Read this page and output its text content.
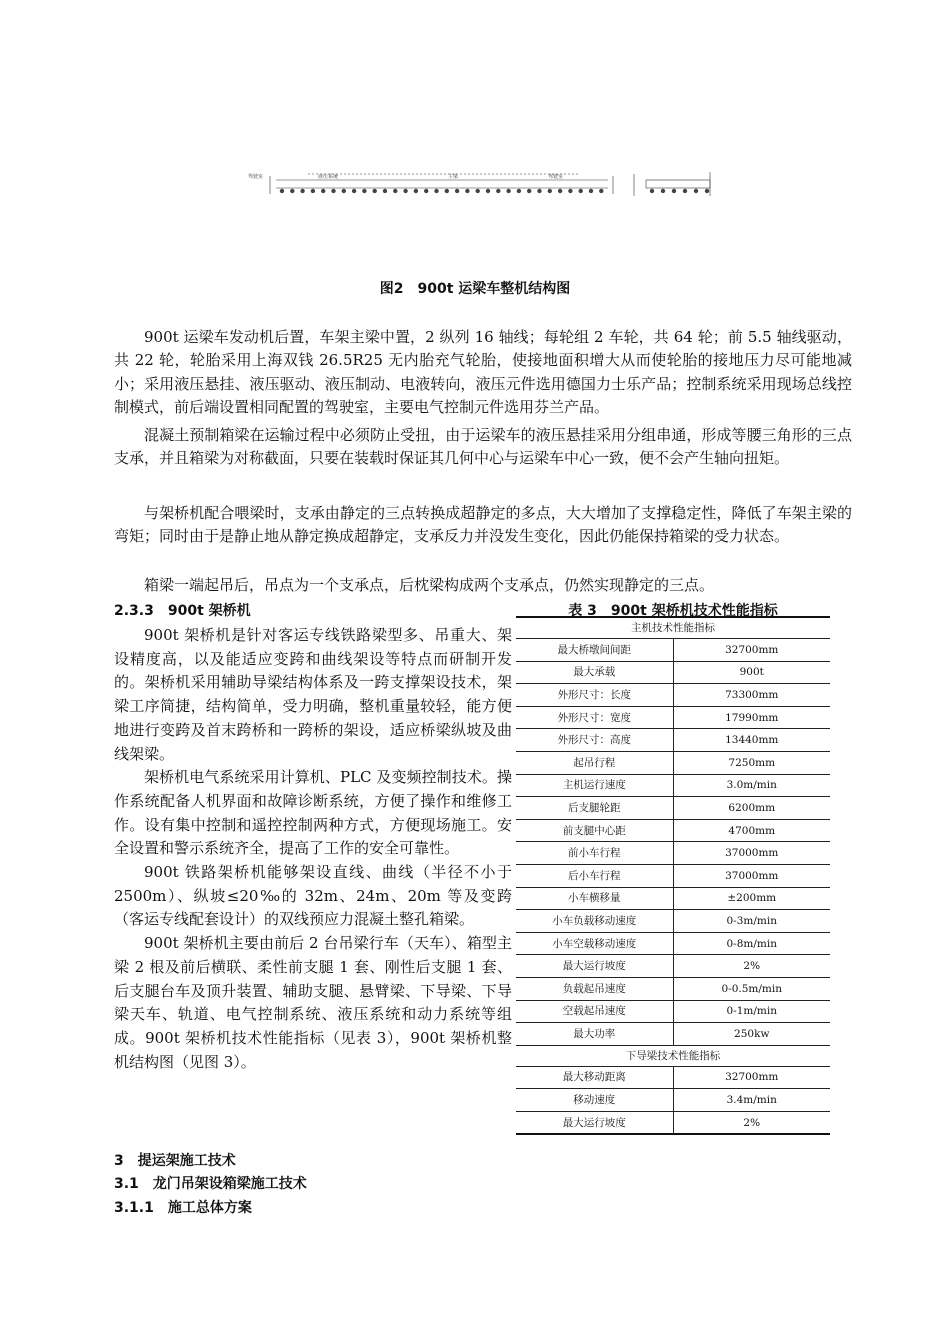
驾驶室	液压系统	主梁	驾驶室
图2　900t 运梁车整机结构图

900t 运梁车发动机后置，车架主梁中置，2 纵列 16 轴线；每轮组 2 车轮，共 64 轮；前 5.5 轴线驱动，共 22 轮，轮胎采用上海双钱 26.5R25 无内胎充气轮胎，使接地面积增大从而使轮胎的接地压力尽可能地减小；采用液压悬挂、液压驱动、液压制动、电液转向，液压元件选用德国力士乐产品；控制系统采用现场总线控制模式，前后端设置相同配置的驾驶室，主要电气控制元件选用芬兰产品。

混凝土预制箱梁在运输过程中必须防止受扭，由于运梁车的液压悬挂采用分组串通，形成等腰三角形的三点支承，并且箱梁为对称截面，只要在装载时保证其几何中心与运梁车中心一致，便不会产生轴向扭矩。

与架桥机配合喂梁时，支承由静定的三点转换成超静定的多点，大大增加了支撑稳定性，降低了车架主梁的弯矩；同时由于是静止地从静定换成超静定，支承反力并没发生变化，因此仍能保持箱梁的受力状态。

箱梁一端起吊后，吊点为一个支承点，后枕梁构成两个支承点，仍然实现静定的三点。

2.3.3　900t 架桥机

900t 架桥机是针对客运专线铁路梁型多、吊重大、架设精度高，以及能适应变跨和曲线架设等特点而研制开发的。架桥机采用辅助导梁结构体系及一跨支撑架设技术，架梁工序简捷，结构简单，受力明确，整机重量较轻，能方便地进行变跨及首末跨桥和一跨桥的架设，适应桥梁纵坡及曲线架梁。

架桥机电气系统采用计算机、PLC 及变频控制技术。操作系统配备人机界面和故障诊断系统，方便了操作和维修工作。设有集中控制和遥控控制两种方式，方便现场施工。安全设置和警示系统齐全，提高了工作的安全可靠性。

900t 铁路架桥机能够架设直线、曲线（半径不小于 2500m）、纵坡≤20‰的 32m、24m、20m 等及变跨（客运专线配套设计）的双线预应力混凝土整孔箱梁。

900t 架桥机主要由前后 2 台吊梁行车（天车）、箱型主梁 2 根及前后横联、柔性前支腿 1 套、刚性后支腿 1 套、后支腿台车及顶升装置、辅助支腿、悬臂梁、下导梁、下导梁天车、轨道、电气控制系统、液压系统和动力系统等组成。900t 架桥机技术性能指标（见表 3），900t 架桥机整机结构图（见图 3）。

表 3　900t 架桥机技术性能指标
主机技术性能指标	
最大桥墩间间距	32700mm
最大承载	900t
外形尺寸：长度	73300mm
外形尺寸：宽度	17990mm
外形尺寸：高度	13440mm
起吊行程	7250mm
主机运行速度	3.0m/min
后支腿轮距	6200mm
前支腿中心距	4700mm
前小车行程	37000mm
后小车行程	37000mm
小车横移量	±200mm
小车负载移动速度	0-3m/min
小车空载移动速度	0-8m/min
最大运行坡度	2%
负载起吊速度	0-0.5m/min
空载起吊速度	0-1m/min
最大功率	250kw
下导梁技术性能指标	
最大移动距离	32700mm
移动速度	3.4m/min
最大运行坡度	2%
3　提运架施工技术
3.1　龙门吊架设箱梁施工技术
3.1.1　施工总体方案
